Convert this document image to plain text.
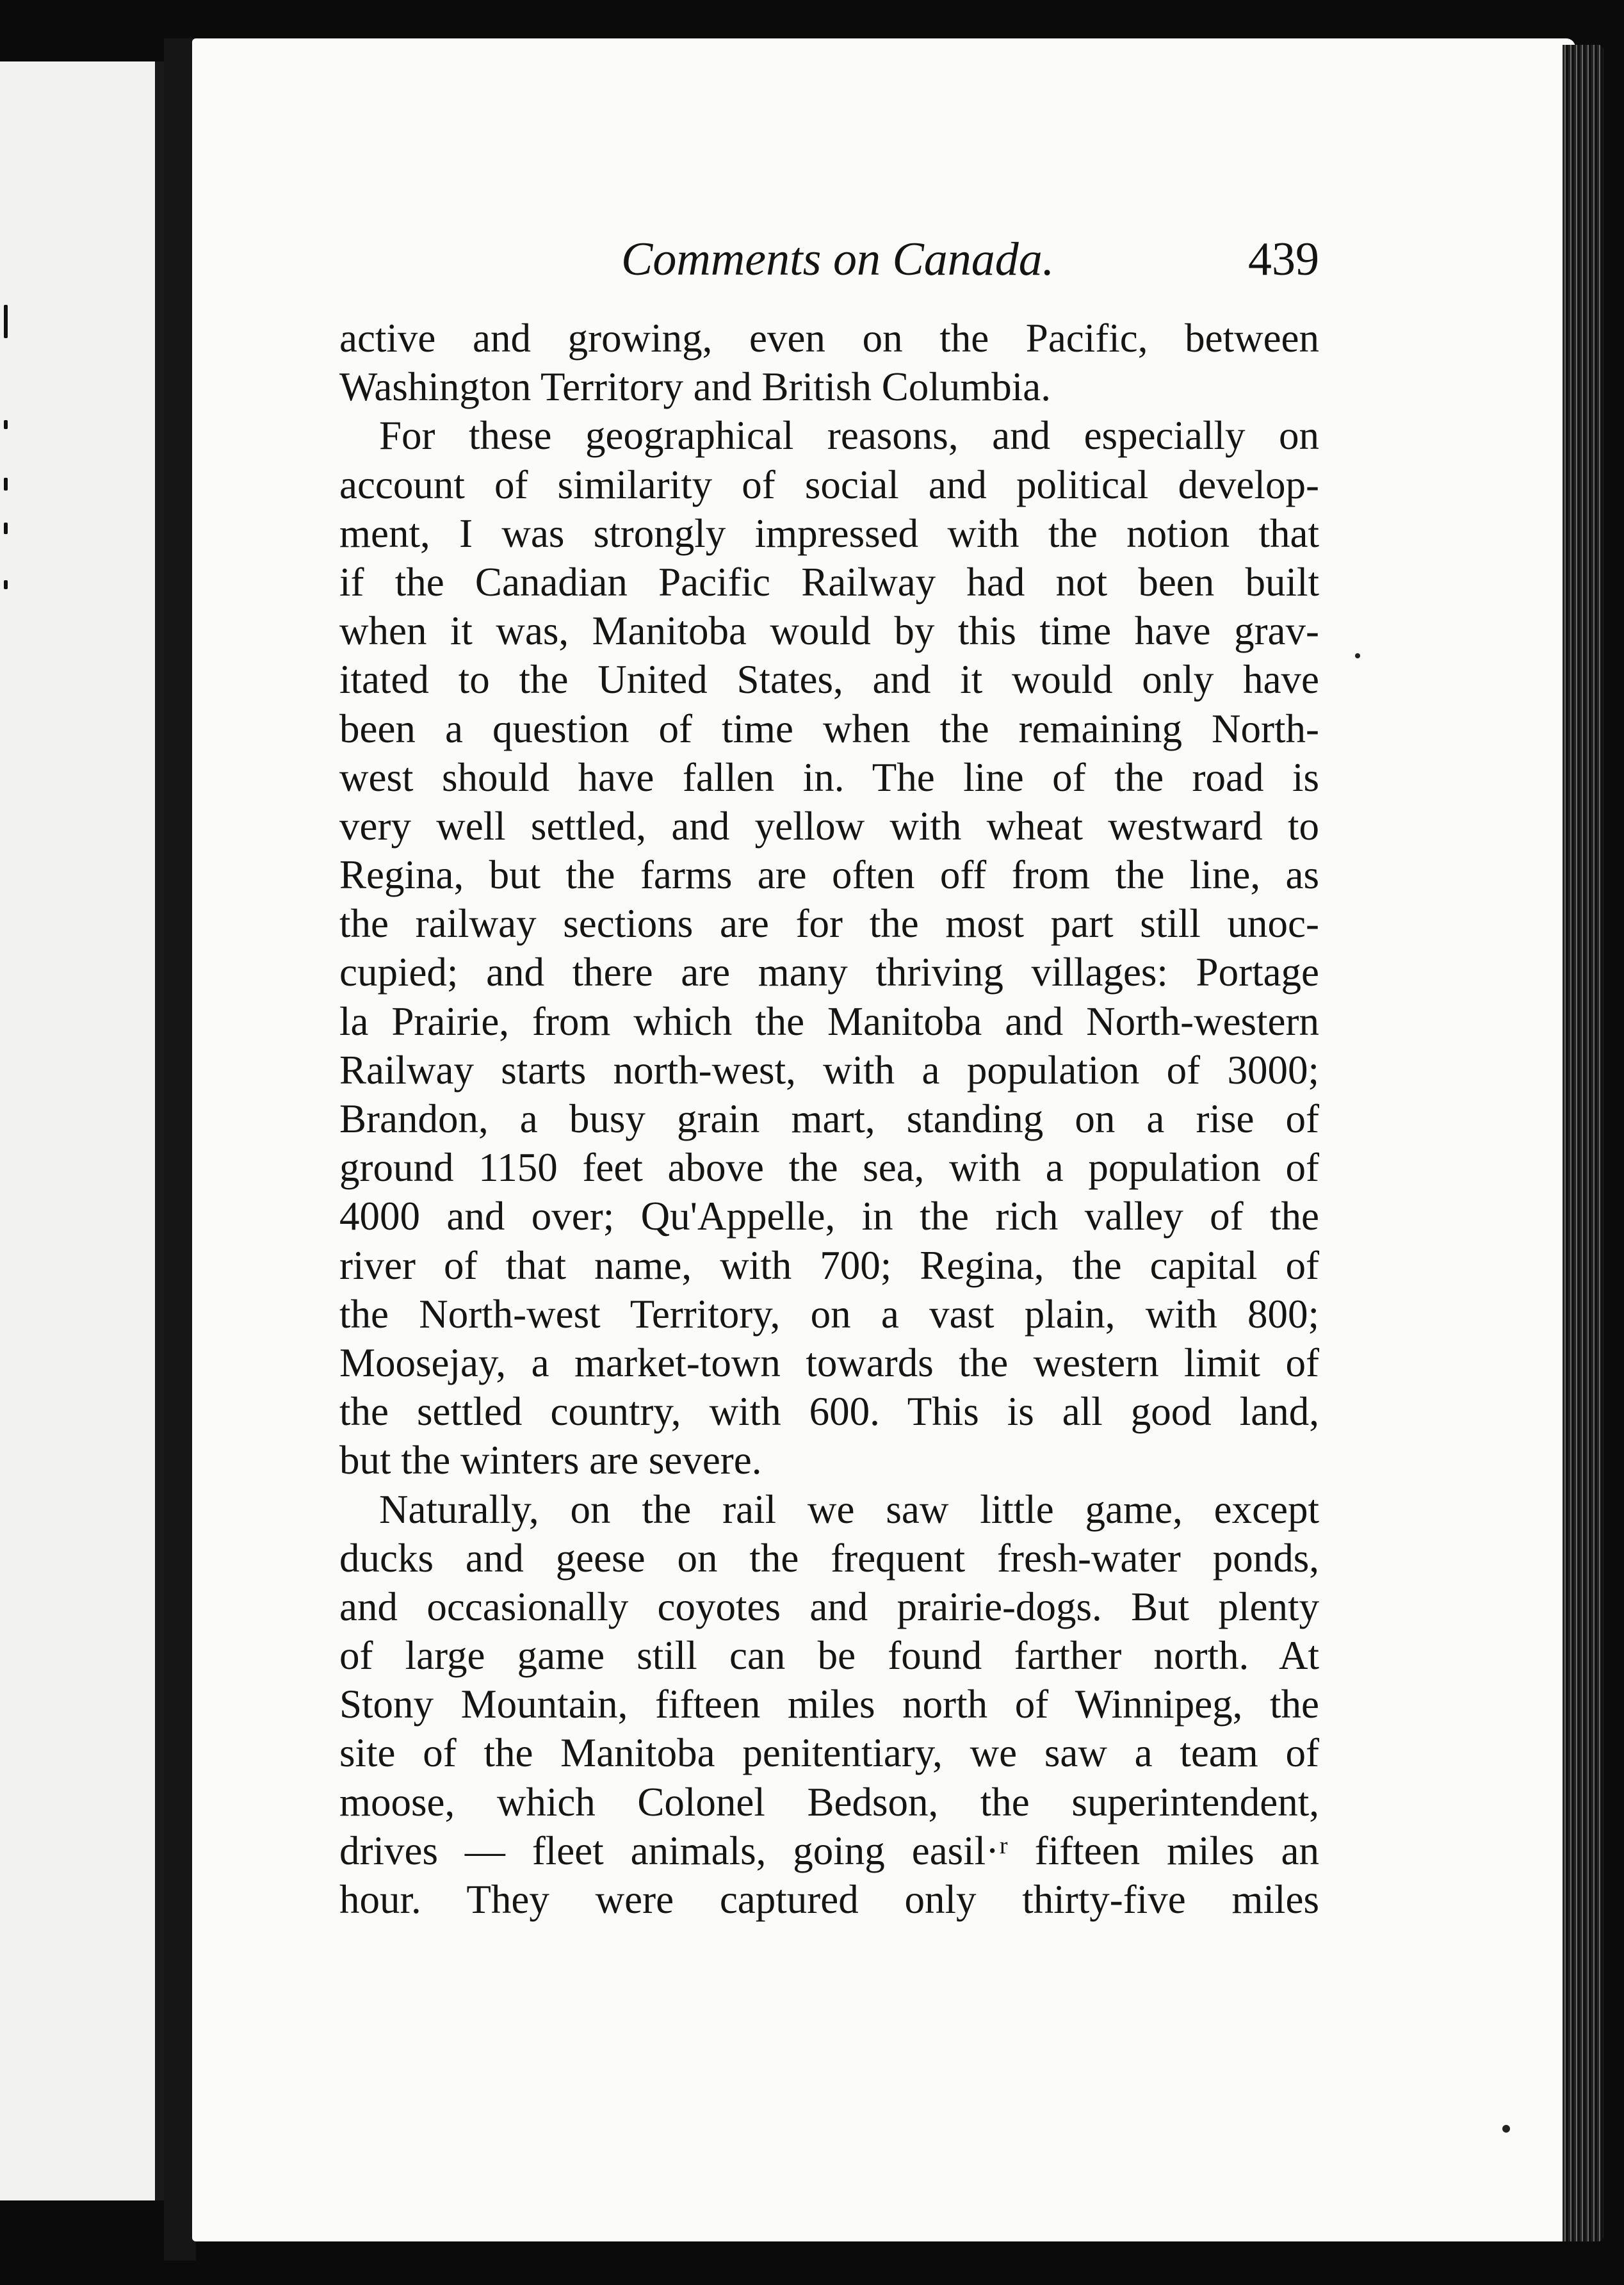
Comments on Canada.	439
active and growing, even on the Pacific, between
Washington Territory and British Columbia.
For these geographical reasons, and especially on
account of similarity of social and political develop-
ment, I was strongly impressed with the notion that
if the Canadian Pacific Railway had not been built
when it was, Manitoba would by this time have grav-
itated to the United States, and it would only have
been a question of time when the remaining North-
west should have fallen in. The line of the road is
very well settled, and yellow with wheat westward to
Regina, but the farms are often off from the line, as
the railway sections are for the most part still unoc-
cupied; and there are many thriving villages: Portage
la Prairie, from which the Manitoba and North-western
Railway starts north-west, with a population of 3000;
Brandon, a busy grain mart, standing on a rise of
ground 1150 feet above the sea, with a population of
4000 and over; Qu'Appelle, in the rich valley of the
river of that name, with 700; Regina, the capital of
the North-west Territory, on a vast plain, with 800;
Moosejay, a market-town towards the western limit of
the settled country, with 600. This is all good land,
but the winters are severe.
Naturally, on the rail we saw little game, except
ducks and geese on the frequent fresh-water ponds,
and occasionally coyotes and prairie-dogs. But plenty
of large game still can be found farther north. At
Stony Mountain, fifteen miles north of Winnipeg, the
site of the Manitoba penitentiary, we saw a team of
moose, which Colonel Bedson, the superintendent,
drives — fleet animals, going easil·ʳ fifteen miles an
hour. They were captured only thirty-five miles
